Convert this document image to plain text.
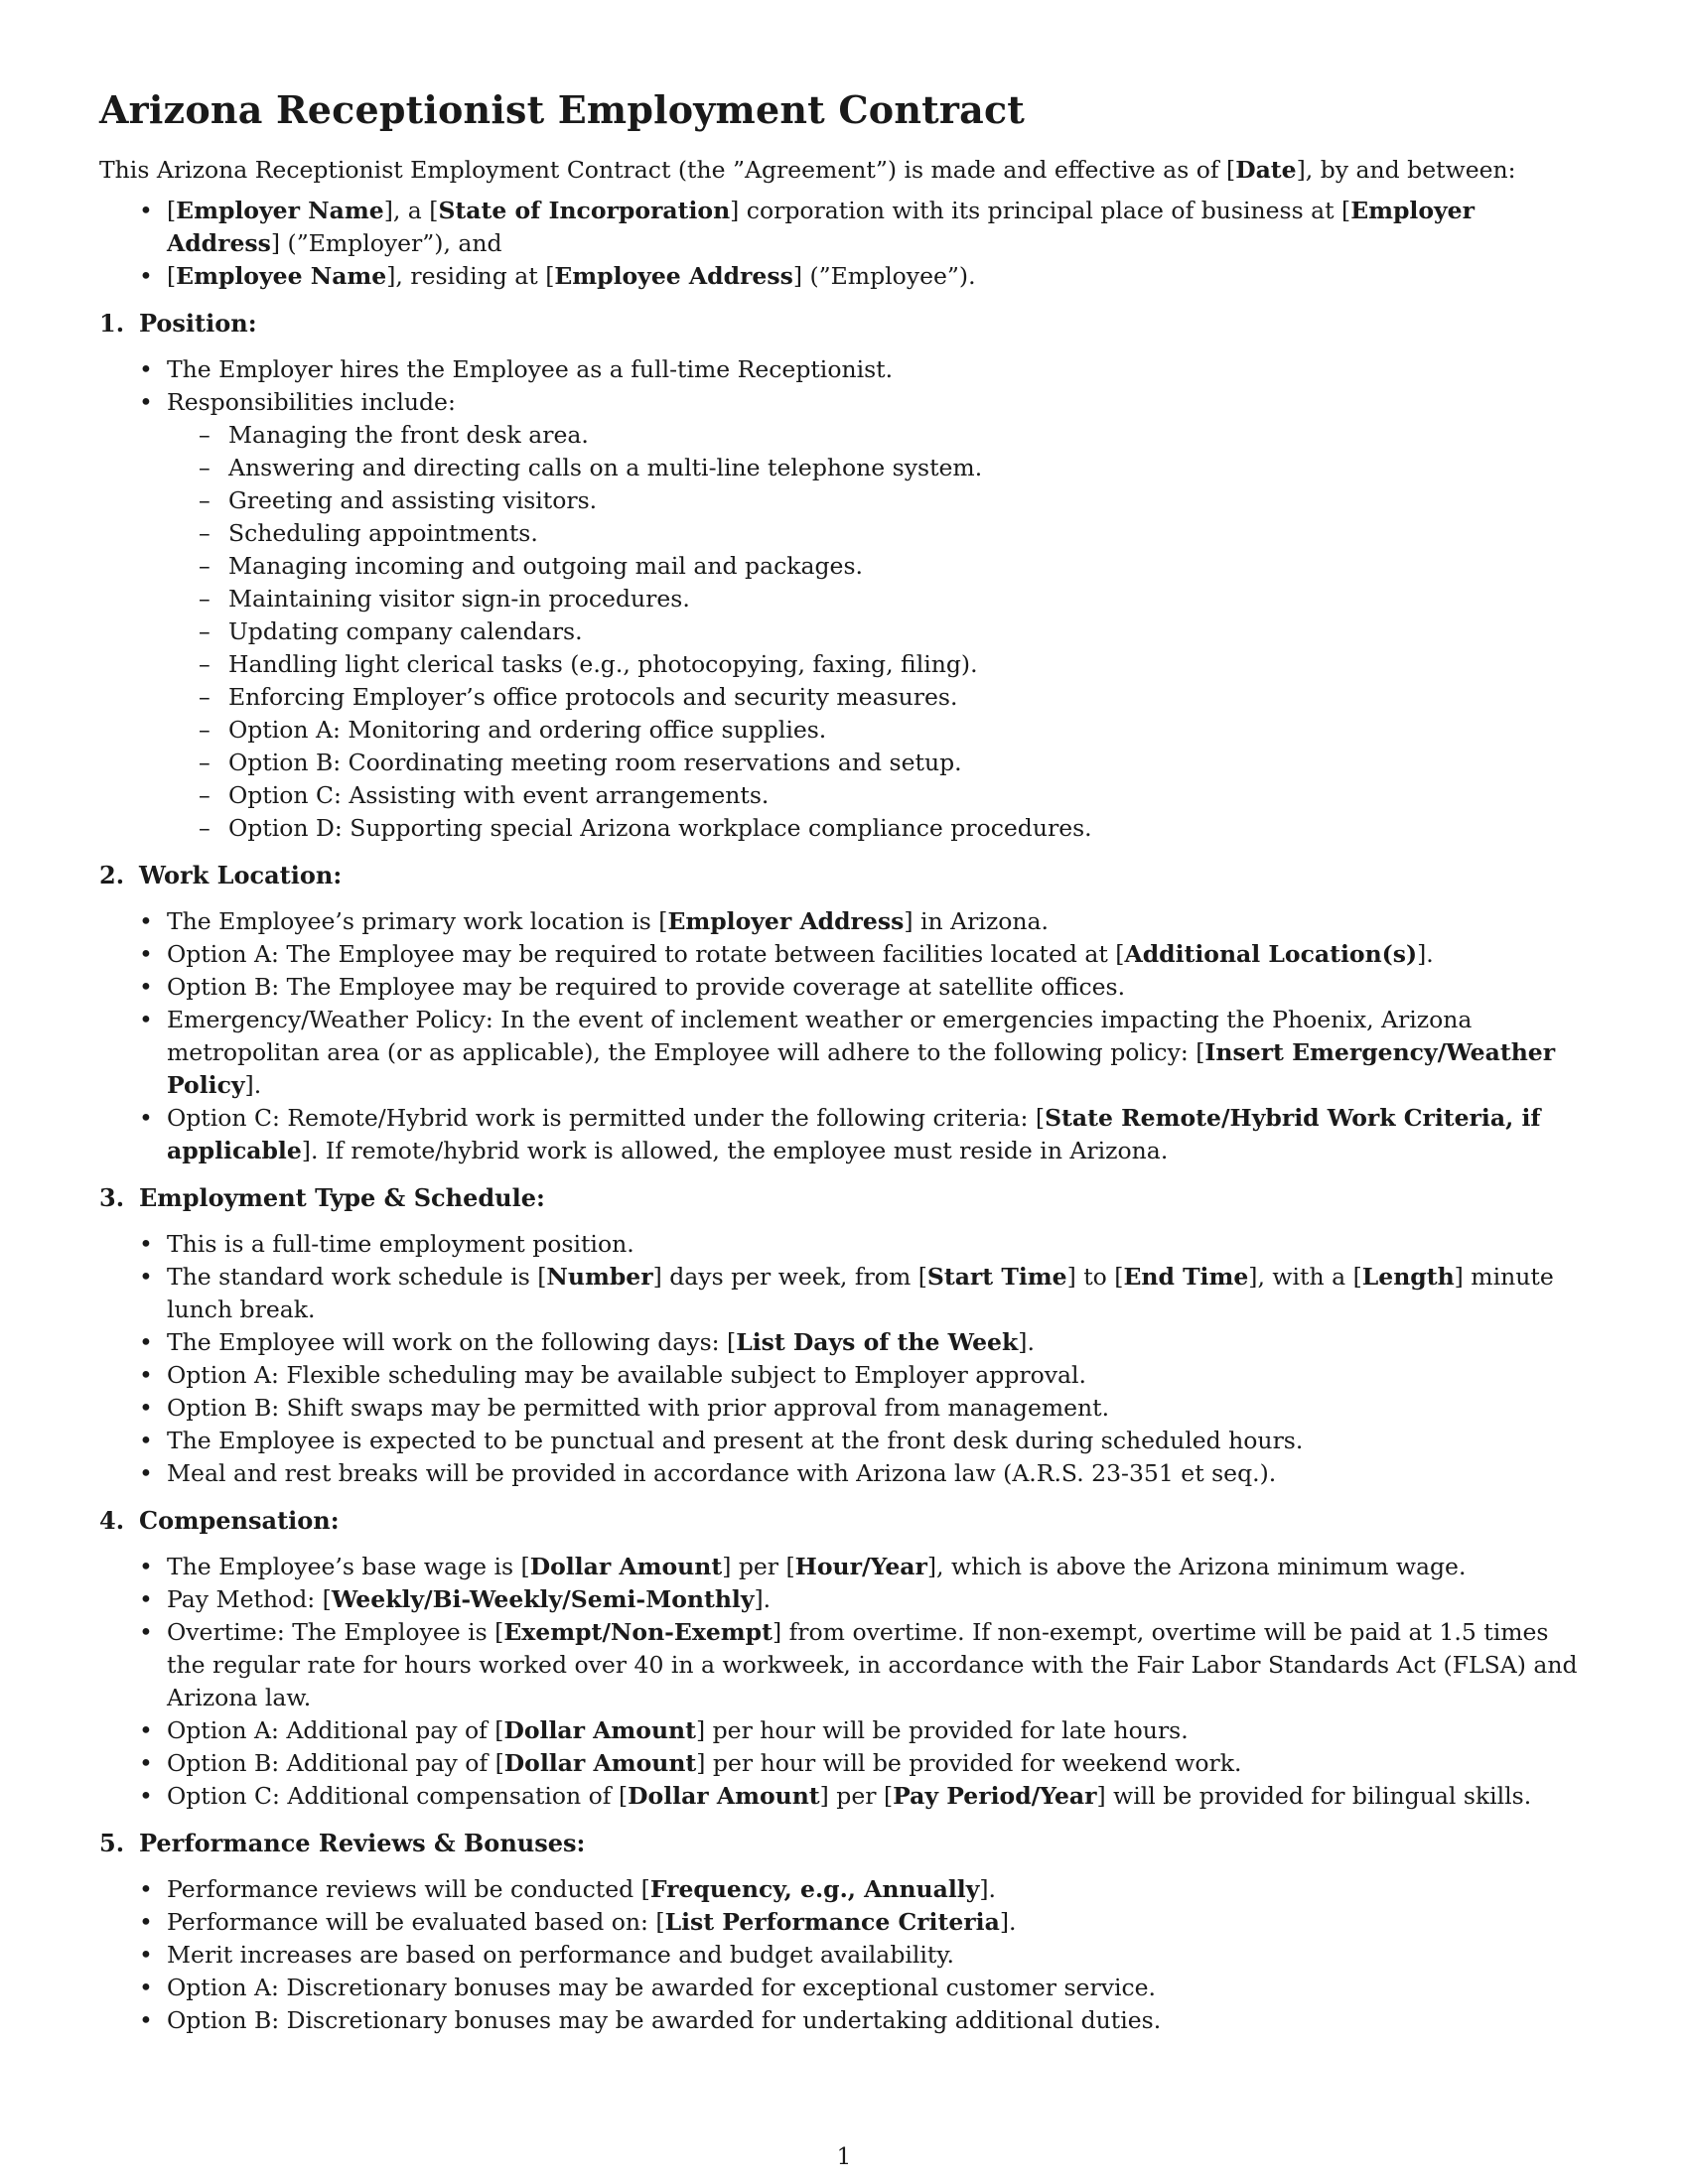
Arizona Receptionist Employment Contract

This Arizona Receptionist Employment Contract (the ”Agreement”) is made and effective as of [Date], by and between:

• [Employer Name], a [State of Incorporation] corporation with its principal place of business at [Employer Address] (”Employer”), and
• [Employee Name], residing at [Employee Address] (”Employee”).
1. Position:
• The Employer hires the Employee as a full-time Receptionist.
• Responsibilities include:
– Managing the front desk area.
– Answering and directing calls on a multi-line telephone system.
– Greeting and assisting visitors.
– Scheduling appointments.
– Managing incoming and outgoing mail and packages.
– Maintaining visitor sign-in procedures.
– Updating company calendars.
– Handling light clerical tasks (e.g., photocopying, faxing, filing).
– Enforcing Employer’s office protocols and security measures.
– Option A: Monitoring and ordering office supplies.
– Option B: Coordinating meeting room reservations and setup.
– Option C: Assisting with event arrangements.
– Option D: Supporting special Arizona workplace compliance procedures.
2. Work Location:
• The Employee’s primary work location is [Employer Address] in Arizona.
• Option A: The Employee may be required to rotate between facilities located at [Additional Location(s)].
• Option B: The Employee may be required to provide coverage at satellite offices.
• Emergency/Weather Policy: In the event of inclement weather or emergencies impacting the Phoenix, Arizona metropolitan area (or as applicable), the Employee will adhere to the following policy: [Insert Emergency/Weather Policy].
• Option C: Remote/Hybrid work is permitted under the following criteria: [State Remote/Hybrid Work Criteria, if applicable]. If remote/hybrid work is allowed, the employee must reside in Arizona.
3. Employment Type & Schedule:
• This is a full-time employment position.
• The standard work schedule is [Number] days per week, from [Start Time] to [End Time], with a [Length] minute lunch break.
• The Employee will work on the following days: [List Days of the Week].
• Option A: Flexible scheduling may be available subject to Employer approval.
• Option B: Shift swaps may be permitted with prior approval from management.
• The Employee is expected to be punctual and present at the front desk during scheduled hours.
• Meal and rest breaks will be provided in accordance with Arizona law (A.R.S. 23-351 et seq.).
4. Compensation:
• The Employee’s base wage is [Dollar Amount] per [Hour/Year], which is above the Arizona minimum wage.
• Pay Method: [Weekly/Bi-Weekly/Semi-Monthly].
• Overtime: The Employee is [Exempt/Non-Exempt] from overtime. If non-exempt, overtime will be paid at 1.5 times the regular rate for hours worked over 40 in a workweek, in accordance with the Fair Labor Standards Act (FLSA) and Arizona law.
• Option A: Additional pay of [Dollar Amount] per hour will be provided for late hours.
• Option B: Additional pay of [Dollar Amount] per hour will be provided for weekend work.
• Option C: Additional compensation of [Dollar Amount] per [Pay Period/Year] will be provided for bilingual skills.
5. Performance Reviews & Bonuses:
• Performance reviews will be conducted [Frequency, e.g., Annually].
• Performance will be evaluated based on: [List Performance Criteria].
• Merit increases are based on performance and budget availability.
• Option A: Discretionary bonuses may be awarded for exceptional customer service.
• Option B: Discretionary bonuses may be awarded for undertaking additional duties.
1
